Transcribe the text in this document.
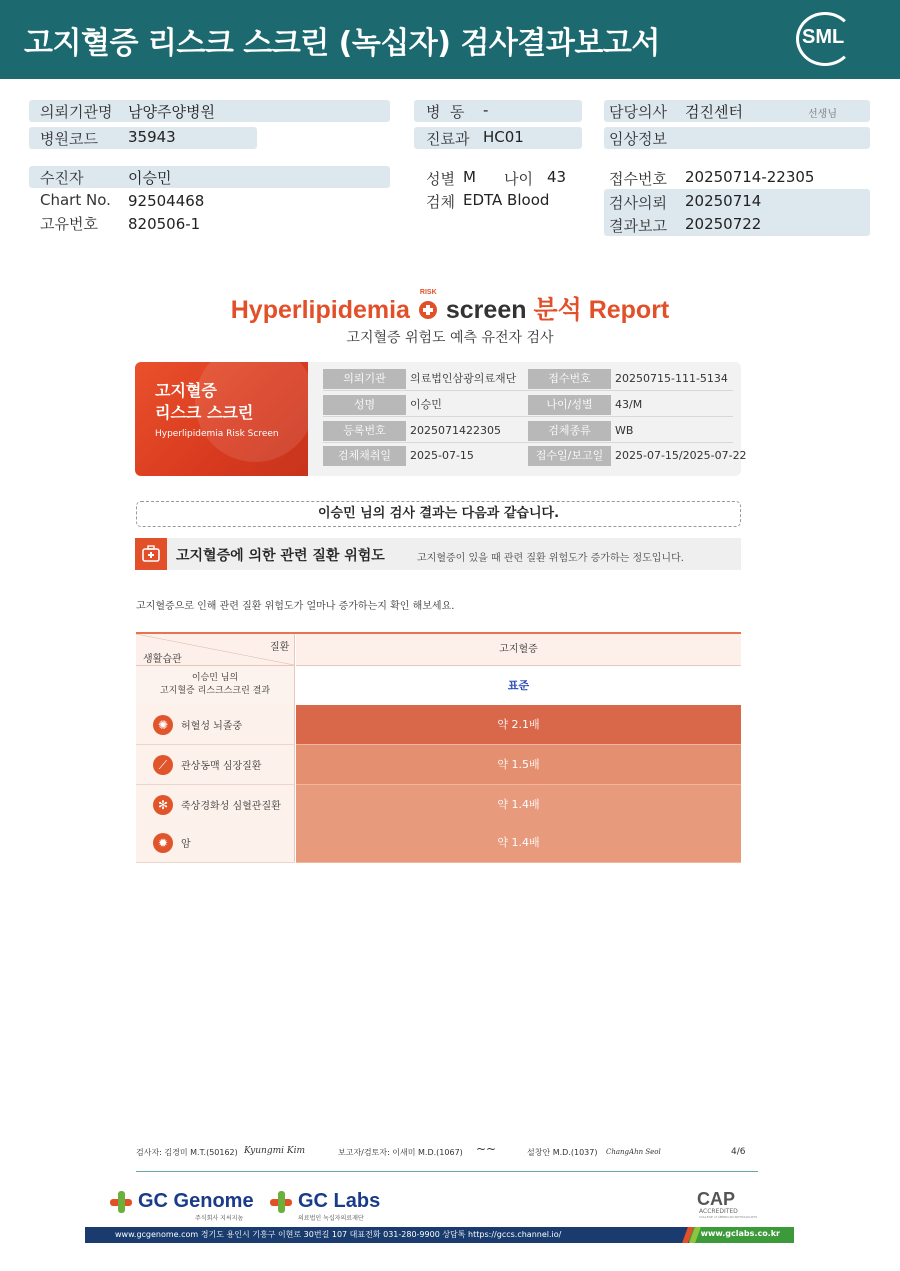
고지혈증 리스크 스크린 (녹십자) 검사결과보고서	SML
의뢰기관명 남양주양병원
병원코드 35943
수진자	이승민
Chart No. 92504468
고유번호 820506-1
병  동 -
진료과 HC01
성별 M 나이 43
검체 EDTA Blood
담당의사 검진센터	선생님
임상정보
접수번호 20250714-22305
검사의뢰 20250714
결과보고 20250722
Hyperlipidemia
RISK
screen 분석 Report
고지혈증 위험도 예측 유전자 검사
고지혈증
리스크 스크린
Hyperlipidemia Risk Screen
의뢰기관	의료법인삼광의료재단	접수번호	20250715-111-5134
성명	이승민	나이/성별	43/M
등록번호	2025071422305	검체종류	WB
검체채취일	2025-07-15	접수일/보고일	2025-07-15/2025-07-22
이승민 님의 검사 결과는 다음과 같습니다.
고지혈증에 의한 관련 질환 위험도	고지혈증이 있을 때 관련 질환 위험도가 증가하는 정도입니다.
고지혈증으로 인해 관련 질환 위험도가 얼마나 증가하는지 확인 해보세요.
질환
생활습관
고지혈증
이승민 님의
고지혈증 리스크스크린 결과	표준
✺	허혈성 뇌졸중	약 2.1배
⟋	관상동맥 심장질환	약 1.5배
✻	죽상경화성 심혈관질환	약 1.4배
✹	암	약 1.4배
검사자: 김경미 M.T.(50162) Kyungmi Kim	보고자/검토자: 이새미 M.D.(1067) ~~	설창안 M.D.(1037) ChangAhn Seol	4/6
GC Genome
주식회사 지씨지놈
GC Labs
의료법인 녹십자의료재단
CAP
ACCREDITED
COLLEGE of AMERICAN PATHOLOGISTS
www.gcgenome.com 경기도 용인시 기흥구 이현로 30번길 107 대표전화 031-280-9900 상담톡 https://gccs.channel.io/	www.gclabs.co.kr
